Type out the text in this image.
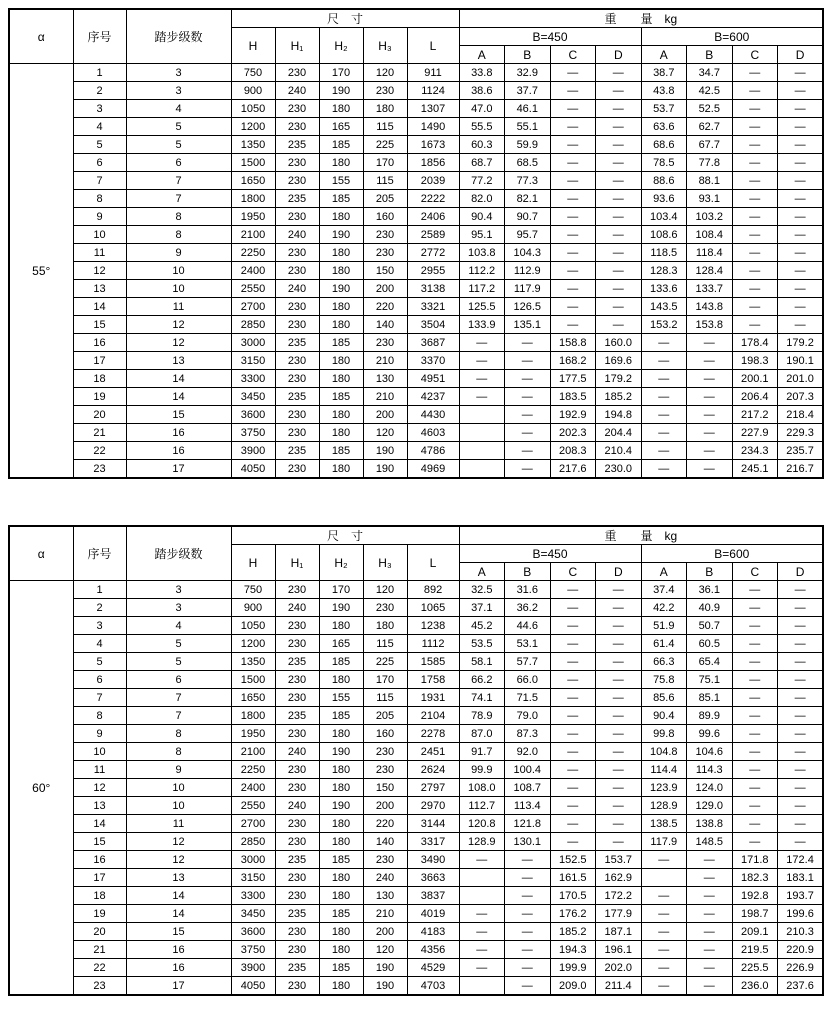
α	序号	踏步级数	尺　寸					重　　量　kg							
			H	H₁	H₂	H₃	L	B=450				B=600			
								A	B	C	D	A	B	C	D
55°	1	3	750	230	170	120	911	33.8	32.9	—	—	38.7	34.7	—	—
	2	3	900	240	190	230	1124	38.6	37.7	—	—	43.8	42.5	—	—
	3	4	1050	230	180	180	1307	47.0	46.1	—	—	53.7	52.5	—	—
	4	5	1200	230	165	115	1490	55.5	55.1	—	—	63.6	62.7	—	—
	5	5	1350	235	185	225	1673	60.3	59.9	—	—	68.6	67.7	—	—
	6	6	1500	230	180	170	1856	68.7	68.5	—	—	78.5	77.8	—	—
	7	7	1650	230	155	115	2039	77.2	77.3	—	—	88.6	88.1	—	—
	8	7	1800	235	185	205	2222	82.0	82.1	—	—	93.6	93.1	—	—
	9	8	1950	230	180	160	2406	90.4	90.7	—	—	103.4	103.2	—	—
	10	8	2100	240	190	230	2589	95.1	95.7	—	—	108.6	108.4	—	—
	11	9	2250	230	180	230	2772	103.8	104.3	—	—	118.5	118.4	—	—
	12	10	2400	230	180	150	2955	112.2	112.9	—	—	128.3	128.4	—	—
	13	10	2550	240	190	200	3138	117.2	117.9	—	—	133.6	133.7	—	—
	14	11	2700	230	180	220	3321	125.5	126.5	—	—	143.5	143.8	—	—
	15	12	2850	230	180	140	3504	133.9	135.1	—	—	153.2	153.8	—	—
	16	12	3000	235	185	230	3687	—	—	158.8	160.0	—	—	178.4	179.2
	17	13	3150	230	180	210	3370	—	—	168.2	169.6	—	—	198.3	190.1
	18	14	3300	230	180	130	4951	—	—	177.5	179.2	—	—	200.1	201.0
	19	14	3450	235	185	210	4237	—	—	183.5	185.2	—	—	206.4	207.3
	20	15	3600	230	180	200	4430		—	192.9	194.8	—	—	217.2	218.4
	21	16	3750	230	180	120	4603		—	202.3	204.4	—	—	227.9	229.3
	22	16	3900	235	185	190	4786		—	208.3	210.4	—	—	234.3	235.7
	23	17	4050	230	180	190	4969		—	217.6	230.0	—	—	245.1	216.7
α	序号	踏步级数	尺　寸					重　　量　kg							
			H	H₁	H₂	H₃	L	B=450				B=600			
								A	B	C	D	A	B	C	D
60°	1	3	750	230	170	120	892	32.5	31.6	—	—	37.4	36.1	—	—
	2	3	900	240	190	230	1065	37.1	36.2	—	—	42.2	40.9	—	—
	3	4	1050	230	180	180	1238	45.2	44.6	—	—	51.9	50.7	—	—
	4	5	1200	230	165	115	1112	53.5	53.1	—	—	61.4	60.5	—	—
	5	5	1350	235	185	225	1585	58.1	57.7	—	—	66.3	65.4	—	—
	6	6	1500	230	180	170	1758	66.2	66.0	—	—	75.8	75.1	—	—
	7	7	1650	230	155	115	1931	74.1	71.5	—	—	85.6	85.1	—	—
	8	7	1800	235	185	205	2104	78.9	79.0	—	—	90.4	89.9	—	—
	9	8	1950	230	180	160	2278	87.0	87.3	—	—	99.8	99.6	—	—
	10	8	2100	240	190	230	2451	91.7	92.0	—	—	104.8	104.6	—	—
	11	9	2250	230	180	230	2624	99.9	100.4	—	—	114.4	114.3	—	—
	12	10	2400	230	180	150	2797	108.0	108.7	—	—	123.9	124.0	—	—
	13	10	2550	240	190	200	2970	112.7	113.4	—	—	128.9	129.0	—	—
	14	11	2700	230	180	220	3144	120.8	121.8	—	—	138.5	138.8	—	—
	15	12	2850	230	180	140	3317	128.9	130.1	—	—	117.9	148.5	—	—
	16	12	3000	235	185	230	3490	—	—	152.5	153.7	—	—	171.8	172.4
	17	13	3150	230	180	240	3663		—	161.5	162.9		—	182.3	183.1
	18	14	3300	230	180	130	3837		—	170.5	172.2	—	—	192.8	193.7
	19	14	3450	235	185	210	4019	—	—	176.2	177.9	—	—	198.7	199.6
	20	15	3600	230	180	200	4183	—	—	185.2	187.1	—	—	209.1	210.3
	21	16	3750	230	180	120	4356	—	—	194.3	196.1	—	—	219.5	220.9
	22	16	3900	235	185	190	4529	—	—	199.9	202.0	—	—	225.5	226.9
	23	17	4050	230	180	190	4703		—	209.0	211.4	—	—	236.0	237.6
